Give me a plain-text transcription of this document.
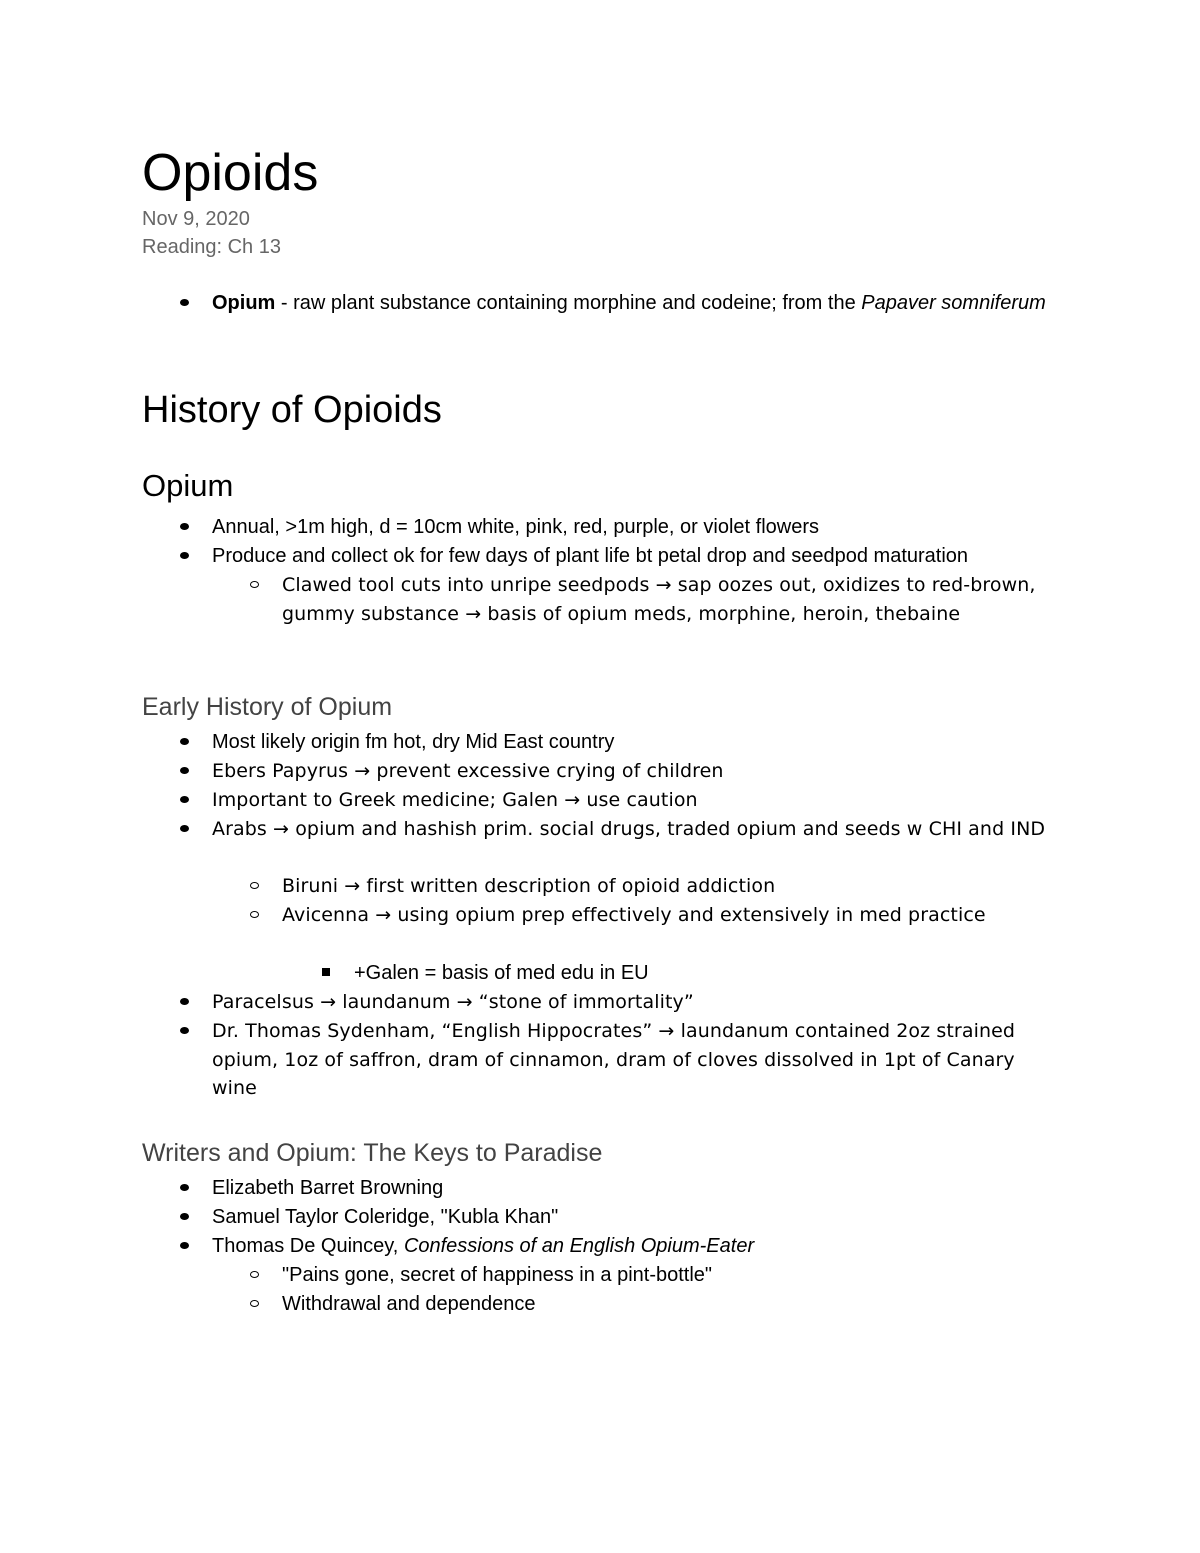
Opioids
Nov 9, 2020
Reading: Ch 13
Opium - raw plant substance containing morphine and codeine; from the Papaver somniferum
History of Opioids
Opium
Annual, >1m high, d = 10cm white, pink, red, purple, or violet flowers
Produce and collect ok for few days of plant life bt petal drop and seedpod maturation
Clawed tool cuts into unripe seedpods → sap oozes out, oxidizes to red-brown, gummy substance → basis of opium meds, morphine, heroin, thebaine
Early History of Opium
Most likely origin fm hot, dry Mid East country
Ebers Papyrus → prevent excessive crying of children
Important to Greek medicine; Galen → use caution
Arabs → opium and hashish prim. social drugs, traded opium and seeds w CHI and IND
Biruni → first written description of opioid addiction
Avicenna → using opium prep effectively and extensively in med practice
+Galen = basis of med edu in EU
Paracelsus → laundanum → “stone of immortality”
Dr. Thomas Sydenham, “English Hippocrates” → laundanum contained 2oz strained opium, 1oz of saffron, dram of cinnamon, dram of cloves dissolved in 1pt of Canary wine
Writers and Opium: The Keys to Paradise
Elizabeth Barret Browning
Samuel Taylor Coleridge, "Kubla Khan"
Thomas De Quincey, Confessions of an English Opium-Eater
"Pains gone, secret of happiness in a pint-bottle"
Withdrawal and dependence
